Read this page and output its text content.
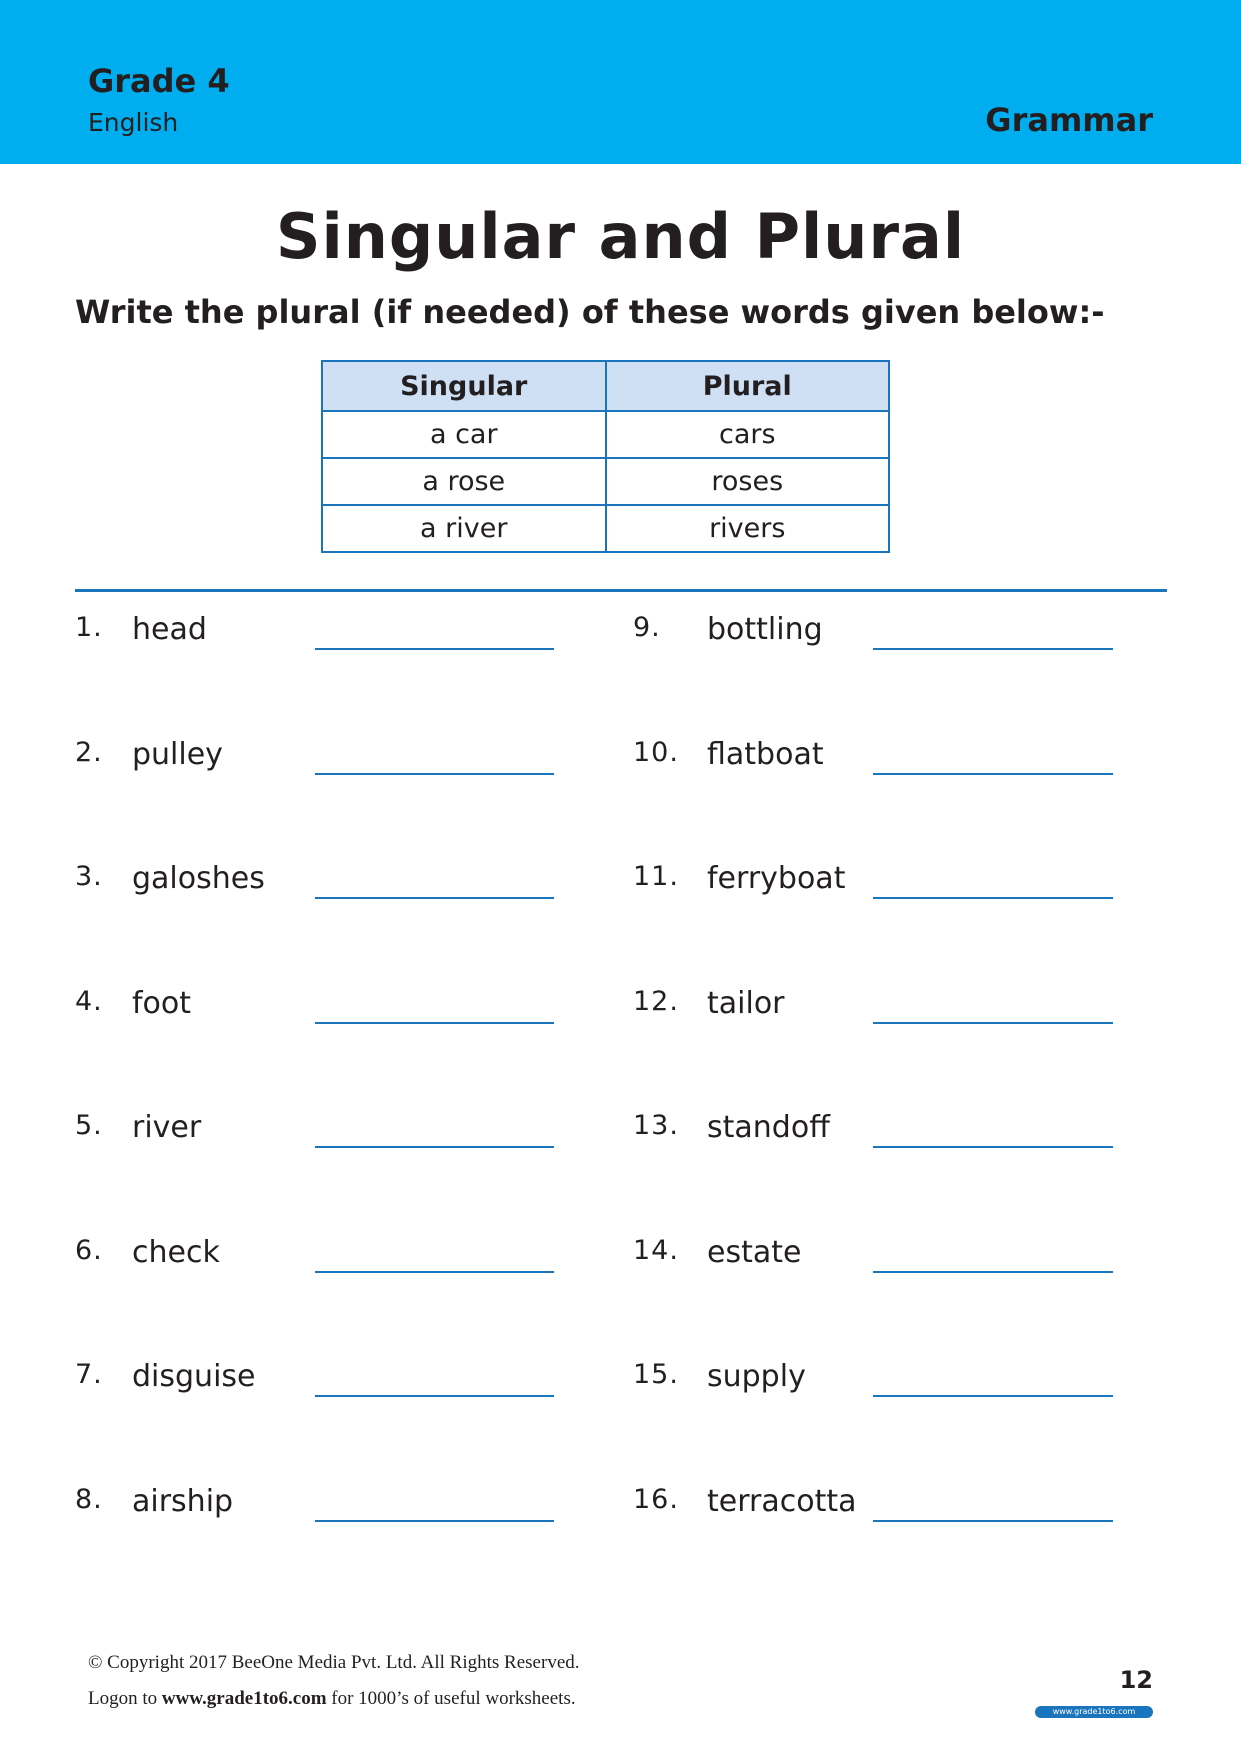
Grade 4
English	Grammar
Singular and Plural
Write the plural (if needed) of these words given below:-
Singular	Plural
a car	cars
a rose	roses
a river	rivers
1. head
2. pulley
3. galoshes
4. foot
5. river
6. check
7. disguise
8. airship
9. bottling
10. flatboat
11. ferryboat
12. tailor
13. standoff
14. estate
15. supply
16. terracotta
© Copyright 2017 BeeOne Media Pvt. Ltd. All Rights Reserved.
Logon to www.grade1to6.com for 1000’s of useful worksheets.
12
www.grade1to6.com
